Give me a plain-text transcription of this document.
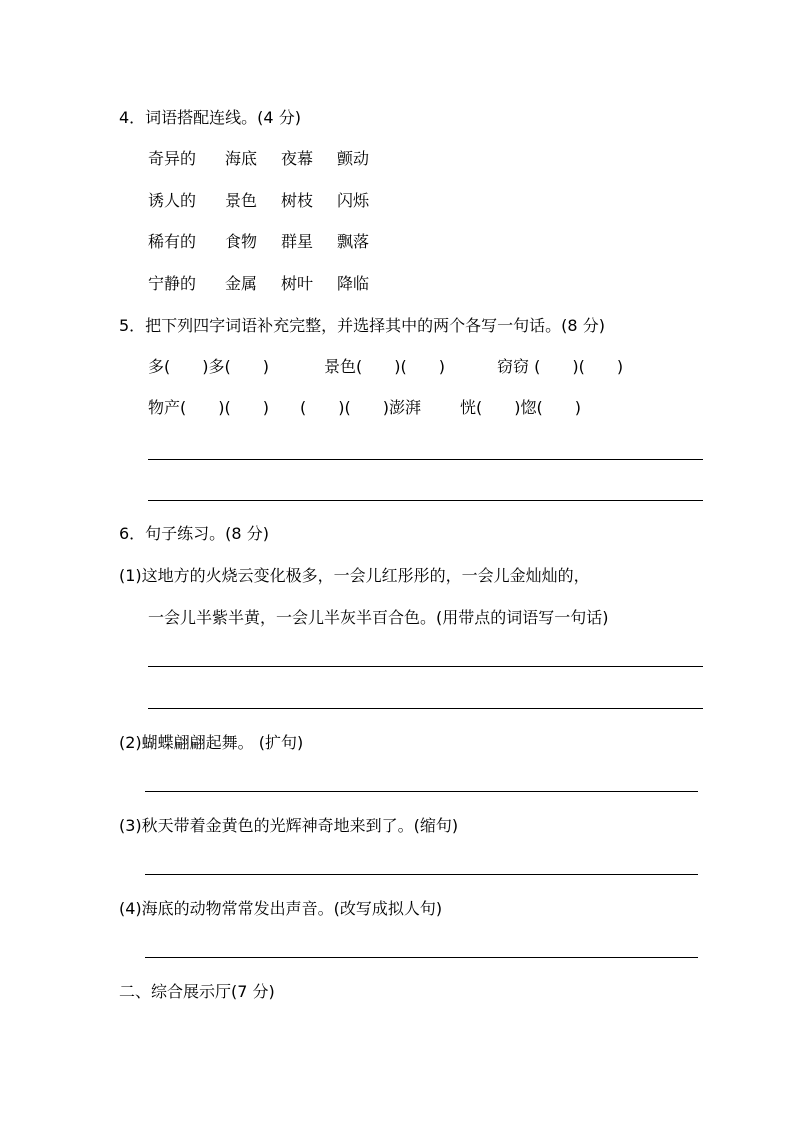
4．词语搭配连线。(4 分)
奇异的 海底 夜幕 颤动
诱人的 景色 树枝 闪烁
稀有的 食物 群星 飘落
宁静的 金属 树叶 降临
5．把下列四字词语补充完整，并选择其中的两个各写一句话。(8 分)
多(　　)多(　　)	景色(　　)(　　)	窃窃 (　　)(　　)
物产(　　)(　　) (　　)(　　)澎湃 恍(　　)惚(　　)
6．句子练习。(8 分)
(1)这地方的火烧云变化极多，一会儿红彤彤的，一会儿金灿灿的，
一会儿半紫半黄，一会儿半灰半百合色。(用带点的词语写一句话)
(2)蝴蝶翩翩起舞。 (扩句)
(3)秋天带着金黄色的光辉神奇地来到了。(缩句)
(4)海底的动物常常发出声音。(改写成拟人句)
二、综合展示厅(7 分)
